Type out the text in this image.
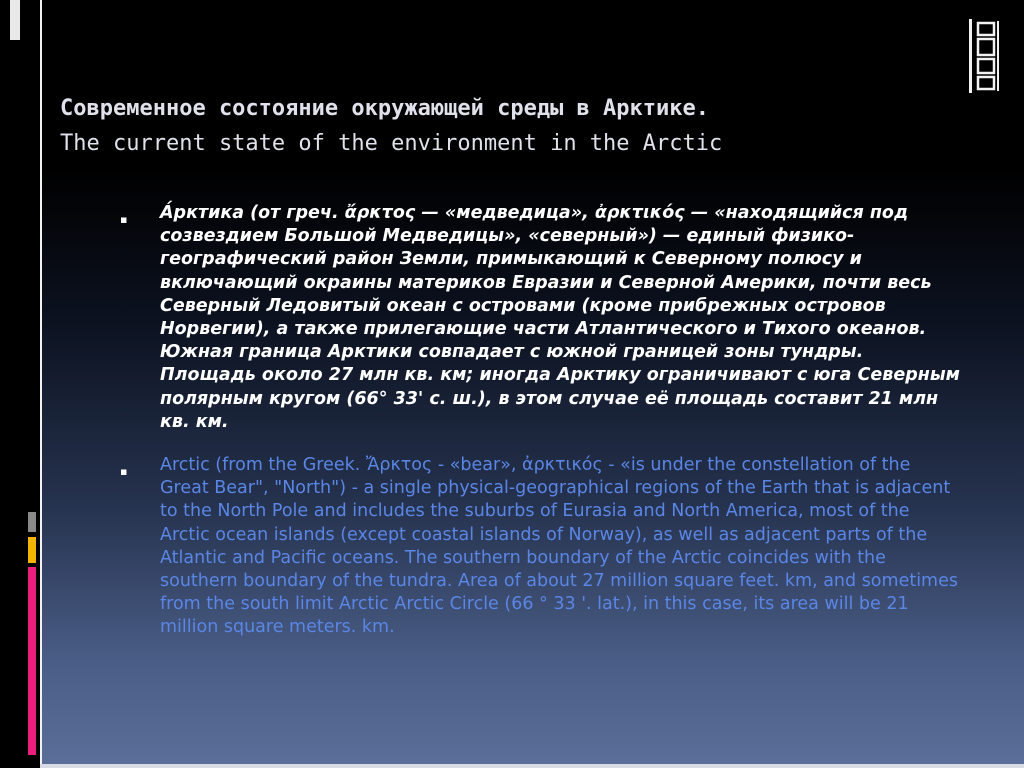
Современное состояние окружающей среды в Арктике.
The current state of the environment in the Arctic
▪ А́рктика (от греч. ἄρκτος — «медведица», ἀρκτικός — «находящийся под созвездием Большой Медведицы», «северный») — единый физико-географический район Земли, примыкающий к Северному полюсу и включающий окраины материков Евразии и Северной Америки, почти весь Северный Ледовитый океан с островами (кроме прибрежных островов Норвегии), а также прилегающие части Атлантического и Тихого океанов. Южная граница Арктики совпадает с южной границей зоны тундры. Площадь около 27 млн кв. км; иногда Арктику ограничивают с юга Северным полярным кругом (66° 33' с. ш.), в этом случае её площадь составит 21 млн кв. км.
▪ Arctic (from the Greek. Ἄρκτος - «bear», ἀρκτικός - «is under the constellation of the Great Bear", "North") - a single physical-geographical regions of the Earth that is adjacent to the North Pole and includes the suburbs of Eurasia and North America, most of the Arctic ocean islands (except coastal islands of Norway), as well as adjacent parts of the Atlantic and Pacific oceans. The southern boundary of the Arctic coincides with the southern boundary of the tundra. Area of about 27 million square feet. km, and sometimes from the south limit Arctic Arctic Circle (66 ° 33 '. lat.), in this case, its area will be 21 million square meters. km.
